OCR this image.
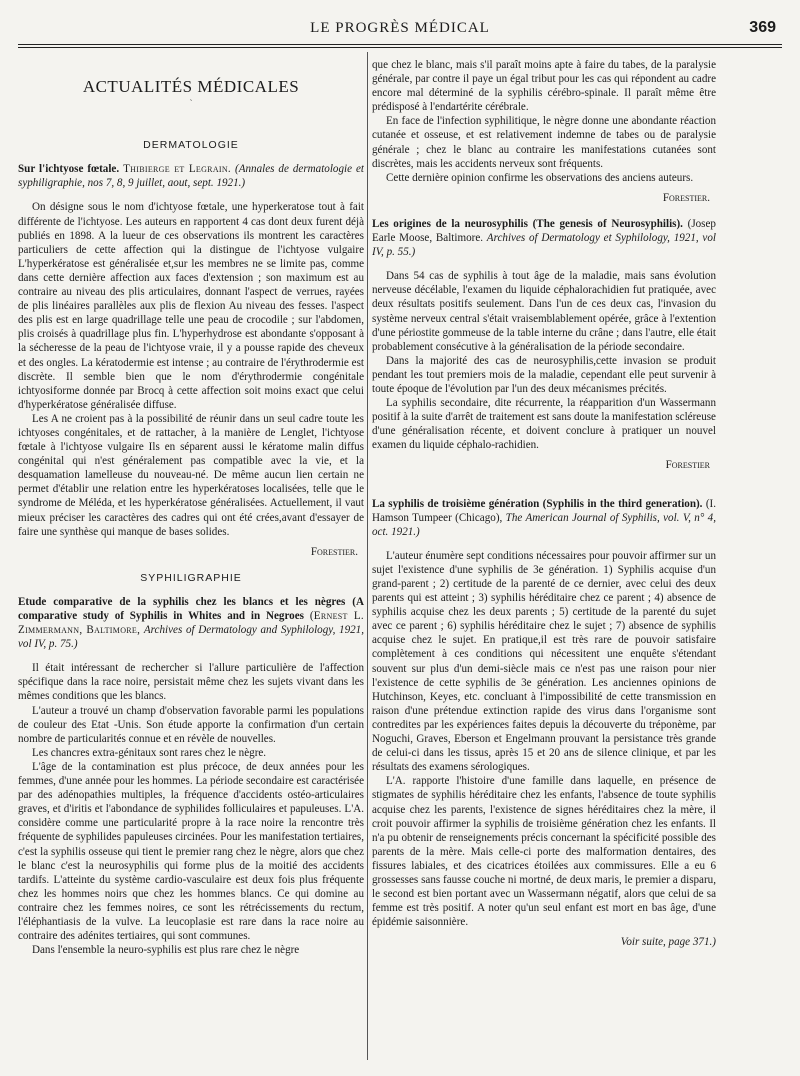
LE PROGRÈS MÉDICAL	369
ACTUALITÉS MÉDICALES
`
DERMATOLOGIE

Sur l'ichtyose fœtale. Thibierge et Legrain. (Annales de dermatologie et syphiligraphie, nos 7, 8, 9 juillet, aout, sept. 1921.)

On désigne sous le nom d'ichtyose fœtale, une hyperkeratose tout à fait différente de l'ichtyose. Les auteurs en rapportent 4 cas dont deux furent déjà publiés en 1898. A la lueur de ces observations ils montrent les caractères particuliers de cette affection qui la distingue de l'ichtyose vulgaire L'hyperkératose est généralisée et,sur les membres ne se limite pas, comme dans cette dernière affection aux faces d'extension ; son maximum est au contraire au niveau des plis articulaires, donnant l'aspect de verrues, rayées de plis linéaires parallèles aux plis de flexion Au niveau des fesses. l'aspect des plis est en large quadrillage telle une peau de crocodile ; sur l'abdomen, plis croisés à quadrillage plus fin. L'hyperhydrose est abondante s'opposant à la sécheresse de la peau de l'ichtyose vraie, il y a pousse rapide des cheveux et des ongles. La kératodermie est intense ; au contraire de l'érythrodermie est discrète. Il semble bien que le nom d'érythrodermie congénitale ichtyosiforme donnée par Brocq à cette affection soit moins exact que celui d'hyperkératose généralisée diffuse.

Les A ne croient pas à la possibilité de réunir dans un seul cadre toute les ichtyoses congénitales, et de rattacher, à la manière de Lenglet, l'ichtyose fœtale à l'ichtyose vulgaire Ils en séparent aussi le kératome malin diffus congénital qui n'est généralement pas compatible avec la vie, et la desquamation lamelleuse du nouveau-né. De même aucun lien certain ne permet d'établir une relation entre les hyperkératoses localisées, telle que le syndrome de Méléda, et les hyperkératose généralisées. Actuellement, il vaut mieux préciser les caractères des cadres qui ont été crées,avant d'essayer de faire une synthèse qui manque de bases solides.

Forestier.
SYPHILIGRAPHIE

Etude comparative de la syphilis chez les blancs et les nègres (A comparative study of Syphilis in Whites and in Negroes (Ernest L. Zimmermann, Baltimore, Archives of Dermatology and Syphilology, 1921, vol IV, p. 75.)

Il était intéressant de rechercher si l'allure particulière de l'affection spécifique dans la race noire, persistait même chez les sujets vivant dans les mêmes conditions que les blancs.

L'auteur a trouvé un champ d'observation favorable parmi les populations de couleur des Etat -Unis. Son étude apporte la confirmation d'un certain nombre de particularités connue et en révèle de nouvelles.

Les chancres extra-génitaux sont rares chez le nègre.

L'âge de la contamination est plus précoce, de deux années pour les femmes, d'une année pour les hommes. La période secondaire est caractérisée par des adénopathies multiples, la fréquence d'accidents ostéo-articulaires graves, et d'iritis et l'abondance de syphilides folliculaires et papuleuses. L'A. considère comme une particularité propre à la race noire la rencontre très fréquente de syphilides papuleuses circinées. Pour les manifestation tertiaires, c'est la syphilis osseuse qui tient le premier rang chez le nègre, alors que chez le blanc c'est la neurosyphilis qui forme plus de la moitié des accidents tardifs. L'atteinte du système cardio-vasculaire est deux fois plus fréquente chez les hommes noirs que chez les hommes blancs. Ce qui domine au contraire chez les femmes noires, ce sont les rétrécissements du rectum, l'éléphantiasis de la vulve. La leucoplasie est rare dans la race noire au contraire des adénites tertiaires, qui sont communes.

Dans l'ensemble la neuro-syphilis est plus rare chez le nègre

que chez le blanc, mais s'il paraît moins apte à faire du tabes, de la paralysie générale, par contre il paye un égal tribut pour les cas qui répondent au cadre encore mal déterminé de la syphilis cérébro-spinale. Il paraît même être prédisposé à l'endartérite cérébrale.

En face de l'infection syphilitique, le nègre donne une abondante réaction cutanée et osseuse, et est relativement indemne de tabes ou de paralysie générale ; chez le blanc au contraire les manifestations cutanées sont discrètes, mais les accidents nerveux sont fréquents.

Cette dernière opinion confirme les observations des anciens auteurs.

Forestier.

Les origines de la neurosyphilis (The genesis of Neurosyphilis). (Josep Earle Moose, Baltimore. Archives of Dermatology et Syphilology, 1921, vol IV, p. 55.)

Dans 54 cas de syphilis à tout âge de la maladie, mais sans évolution nerveuse décélable, l'examen du liquide céphalorachidien fut pratiquée, avec deux résultats positifs seulement. Dans l'un de ces deux cas, l'invasion du système nerveux central s'était vraisemblablement opérée, grâce à l'extention d'une périostite gommeuse de la table interne du crâne ; dans l'autre, elle était probablement consécutive à la généralisation de la période secondaire.

Dans la majorité des cas de neurosyphilis,cette invasion se produit pendant les tout premiers mois de la maladie, cependant elle peut survenir à toute époque de l'évolution par l'un des deux mécanismes précités.

La syphilis secondaire, dite récurrente, la réapparition d'un Wassermann positif à la suite d'arrêt de traitement est sans doute la manifestation scléreuse d'une généralisation récente, et doivent conclure à pratiquer un nouvel examen du liquide céphalo-rachidien.

Forestier

La syphilis de troisième génération (Syphilis in the third generation). (I. Hamson Tumpeer (Chicago), The American Journal of Syphilis, vol. V, n° 4, oct. 1921.)

L'auteur énumère sept conditions nécessaires pour pouvoir affirmer sur un sujet l'existence d'une syphilis de 3e génération. 1) Syphilis acquise d'un grand-parent ; 2) certitude de la parenté de ce dernier, avec celui des deux parents qui est atteint ; 3) syphilis héréditaire chez ce parent ; 4) absence de syphilis acquise chez les deux parents ; 5) certitude de la parenté du sujet avec ce parent ; 6) syphilis héréditaire chez le sujet ; 7) absence de syphilis acquise chez le sujet. En pratique,il est très rare de pouvoir satisfaire complètement à ces conditions qui nécessitent une enquête s'étendant souvent sur plus d'un demi-siècle mais ce n'est pas une raison pour nier l'existence de cette syphilis de 3e génération. Les anciennes opinions de Hutchinson, Keyes, etc. concluant à l'impossibilité de cette transmission en raison d'une prétendue extinction rapide des virus dans l'organisme sont contredites par les expériences faites depuis la découverte du tréponème, par Noguchi, Graves, Eberson et Engelmann prouvant la persistance très grande de celui-ci dans les tissus, après 15 et 20 ans de silence clinique, et par les résultats des examens sérologiques.

L'A. rapporte l'histoire d'une famille dans laquelle, en présence de stigmates de syphilis héréditaire chez les enfants, l'absence de toute syphilis acquise chez les parents, l'existence de signes héréditaires chez la mère, il croit pouvoir affirmer la syphilis de troisième génération chez les enfants. Il n'a pu obtenir de renseignements précis concernant la spécificité possible des parents de la mère. Mais celle-ci porte des malformation dentaires, des fissures labiales, et des cicatrices étoilées aux commissures. Elle a eu 6 grossesses sans fausse couche ni mortné, de deux maris, le premier a disparu, le second est bien portant avec un Wassermann négatif, alors que celui de sa femme est très positif. A noter qu'un seul enfant est mort en bas âge, d'une épidémie saisonnière.

Voir suite, page 371.)
